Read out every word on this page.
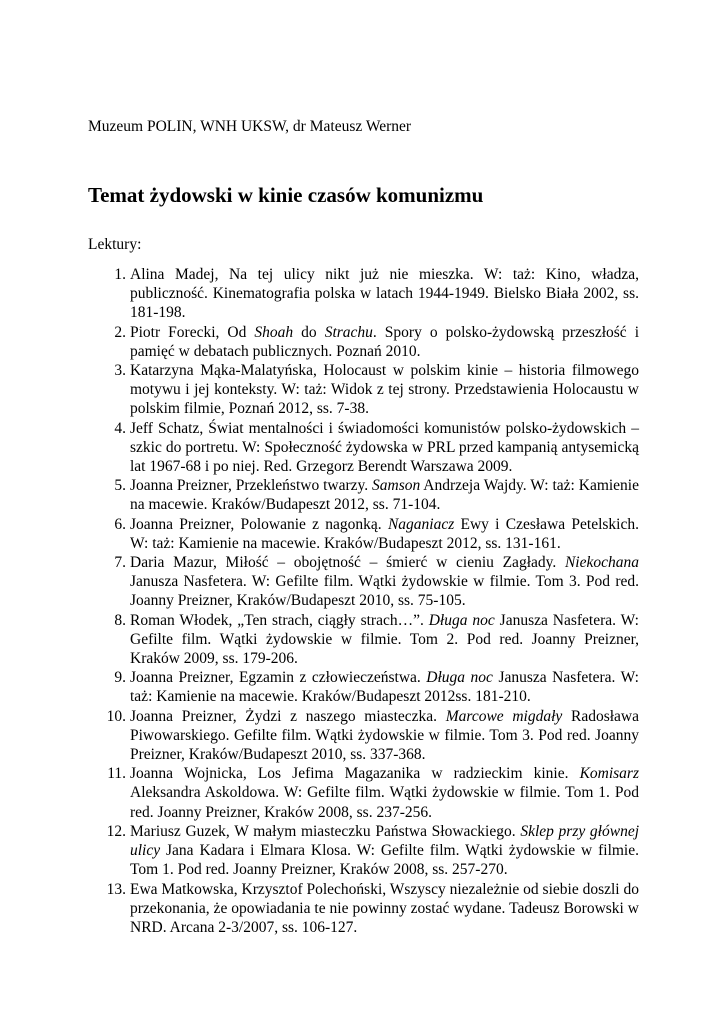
Muzeum POLIN, WNH UKSW, dr Mateusz Werner
Temat żydowski w kinie czasów komunizmu
Lektury:
1. Alina Madej, Na tej ulicy nikt już nie mieszka. W: taż: Kino, władza, publiczność. Kinematografia polska w latach 1944-1949. Bielsko Biała 2002, ss. 181-198.
2. Piotr Forecki, Od Shoah do Strachu. Spory o polsko-żydowską przeszłość i pamięć w debatach publicznych. Poznań 2010.
3. Katarzyna Mąka-Malatyńska, Holocaust w polskim kinie – historia filmowego motywu i jej konteksty. W: taż: Widok z tej strony. Przedstawienia Holocaustu w polskim filmie, Poznań 2012, ss. 7-38.
4. Jeff Schatz, Świat mentalności i świadomości komunistów polsko-żydowskich – szkic do portretu. W: Społeczność żydowska w PRL przed kampanią antysemicką lat 1967-68 i po niej. Red. Grzegorz Berendt Warszawa 2009.
5. Joanna Preizner, Przekleństwo twarzy. Samson Andrzeja Wajdy. W: taż: Kamienie na macewie. Kraków/Budapeszt 2012, ss. 71-104.
6. Joanna Preizner, Polowanie z nagonką. Naganiacz Ewy i Czesława Petelskich. W: taż: Kamienie na macewie. Kraków/Budapeszt 2012, ss. 131-161.
7. Daria Mazur, Miłość – obojętność – śmierć w cieniu Zagłady. Niekochana Janusza Nasfetera. W: Gefilte film. Wątki żydowskie w filmie. Tom 3. Pod red. Joanny Preizner, Kraków/Budapeszt 2010, ss. 75-105.
8. Roman Włodek, „Ten strach, ciągły strach…”. Długa noc Janusza Nasfetera. W: Gefilte film. Wątki żydowskie w filmie. Tom 2. Pod red. Joanny Preizner, Kraków 2009, ss. 179-206.
9. Joanna Preizner, Egzamin z człowieczeństwa. Długa noc Janusza Nasfetera. W: taż: Kamienie na macewie. Kraków/Budapeszt 2012ss. 181-210.
10. Joanna Preizner, Żydzi z naszego miasteczka. Marcowe migdały Radosława Piwowarskiego. Gefilte film. Wątki żydowskie w filmie. Tom 3. Pod red. Joanny Preizner, Kraków/Budapeszt 2010, ss. 337-368.
11. Joanna Wojnicka, Los Jefima Magazanika w radzieckim kinie. Komisarz Aleksandra Askoldowa. W: Gefilte film. Wątki żydowskie w filmie. Tom 1. Pod red. Joanny Preizner, Kraków 2008, ss. 237-256.
12. Mariusz Guzek, W małym miasteczku Państwa Słowackiego. Sklep przy głównej ulicy Jana Kadara i Elmara Klosa. W: Gefilte film. Wątki żydowskie w filmie. Tom 1. Pod red. Joanny Preizner, Kraków 2008, ss. 257-270.
13. Ewa Matkowska, Krzysztof Polechoński, Wszyscy niezależnie od siebie doszli do przekonania, że opowiadania te nie powinny zostać wydane. Tadeusz Borowski w NRD. Arcana 2-3/2007, ss. 106-127.
